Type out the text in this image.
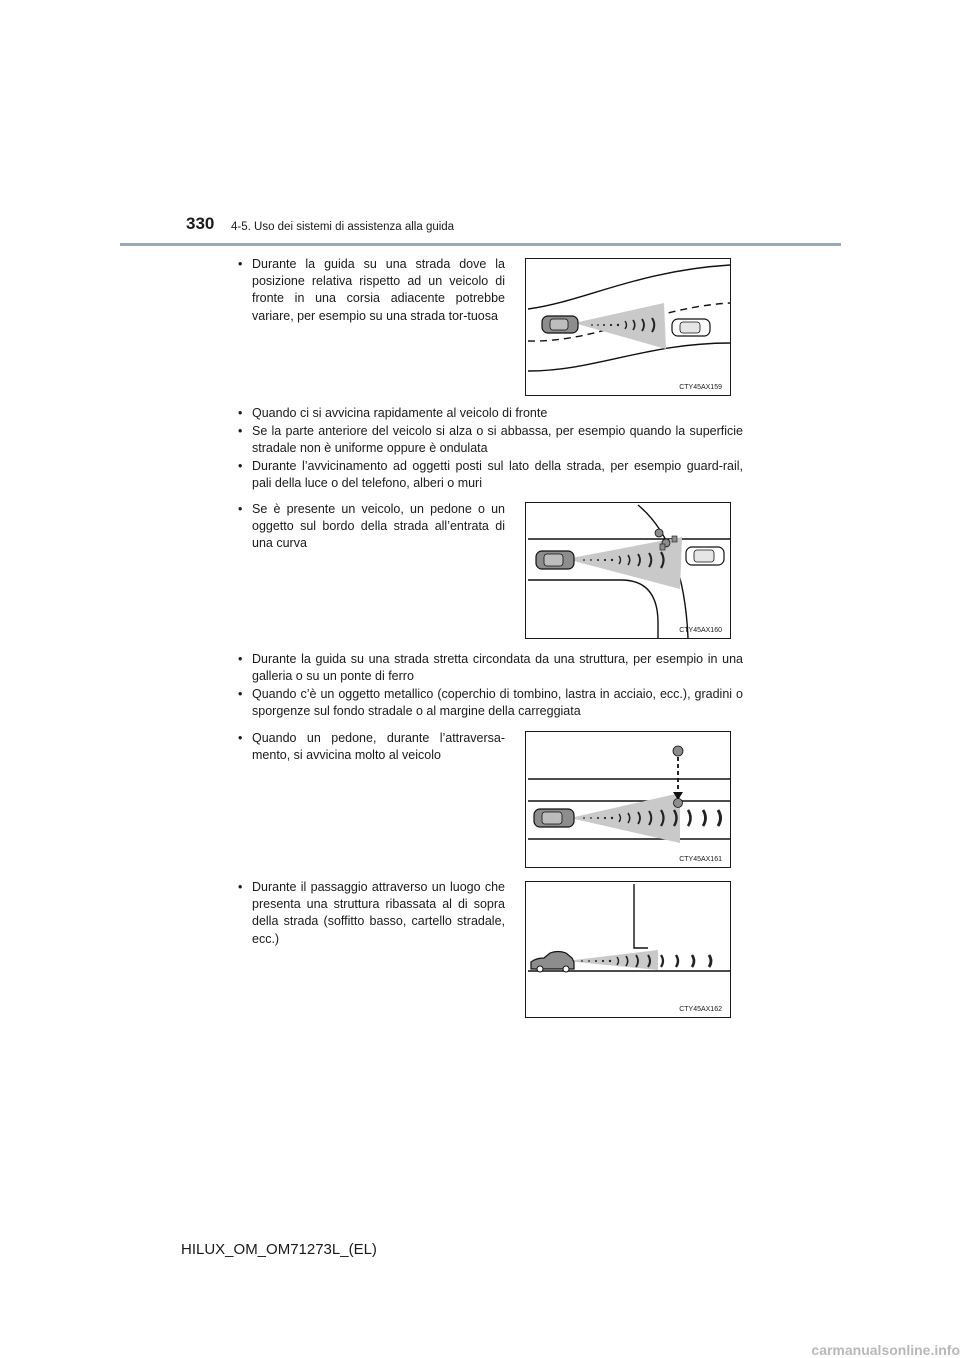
330 4-5. Uso dei sistemi di assistenza alla guida
• Durante la guida su una strada dove la posizione relativa rispetto ad un veicolo di fronte in una corsia adiacente potrebbe variare, per esempio su una strada tor-tuosa
CTY45AX159
• Quando ci si avvicina rapidamente al veicolo di fronte
• Se la parte anteriore del veicolo si alza o si abbassa, per esempio quando la superficie stradale non è uniforme oppure è ondulata
• Durante l’avvicinamento ad oggetti posti sul lato della strada, per esempio guard-rail, pali della luce o del telefono, alberi o muri
• Se è presente un veicolo, un pedone o un oggetto sul bordo della strada all’entrata di una curva
CTY45AX160
• Durante la guida su una strada stretta circondata da una struttura, per esempio in una galleria o su un ponte di ferro
• Quando c’è un oggetto metallico (coperchio di tombino, lastra in acciaio, ecc.), gradini o sporgenze sul fondo stradale o al margine della carreggiata
• Quando un pedone, durante l’attraversa-mento, si avvicina molto al veicolo
CTY45AX161
• Durante il passaggio attraverso un luogo che presenta una struttura ribassata al di sopra della strada (soffitto basso, cartello stradale, ecc.)
CTY45AX162
HILUX_OM_OM71273L_(EL)
carmanualsonline.info
